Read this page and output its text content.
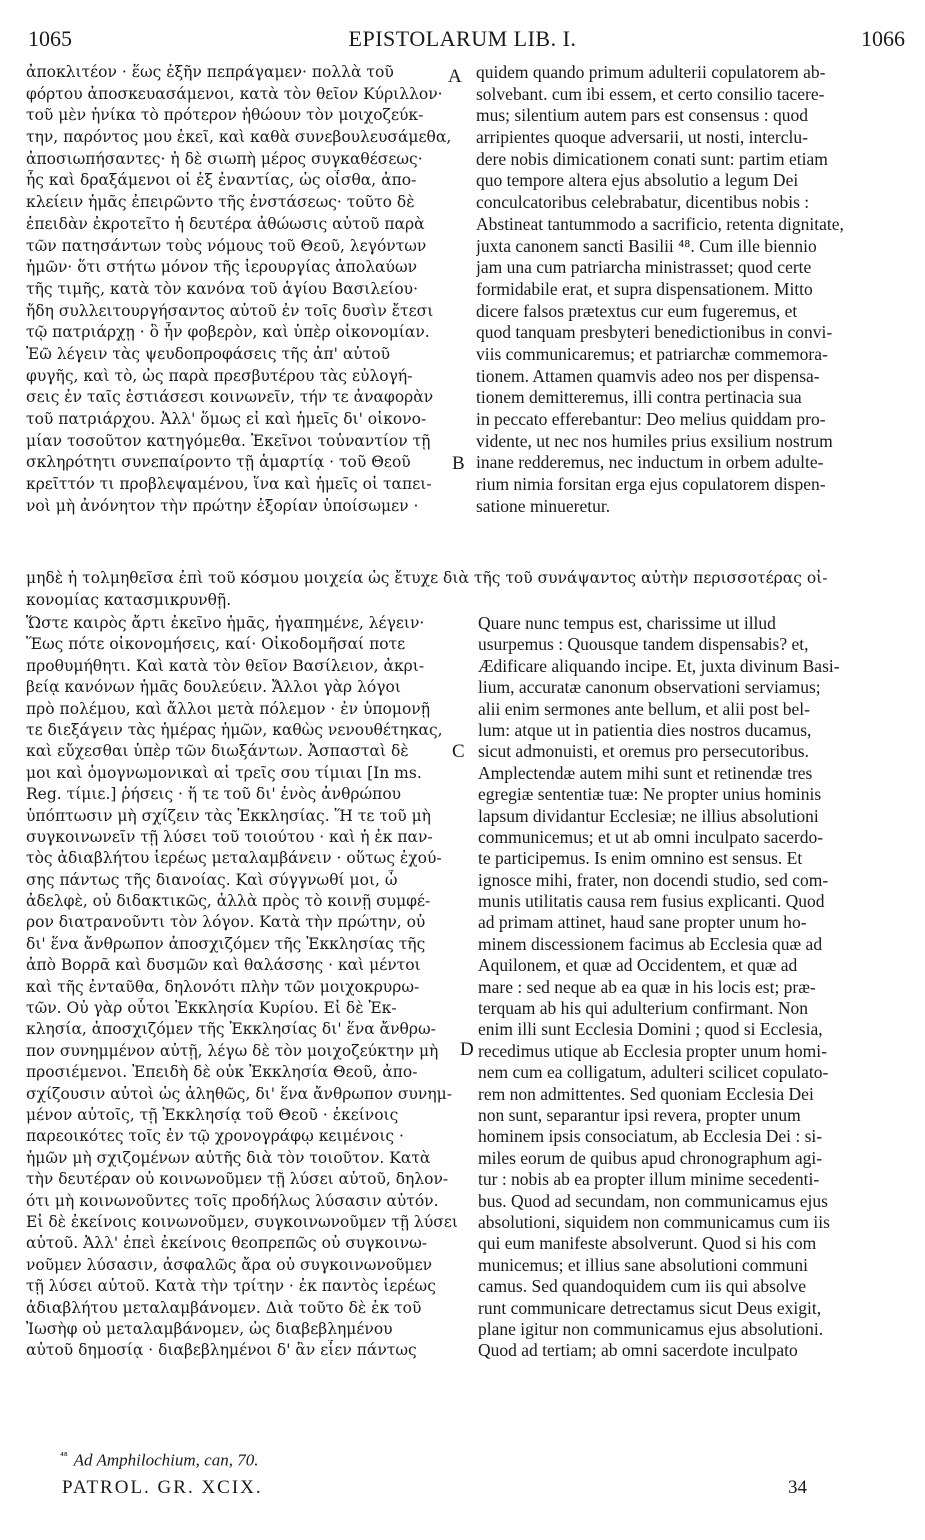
1065	EPISTOLARUM LIB. I.	1066

ἀποκλιτέον · ἕως ἐξῆν πεπράγαμεν· πολλὰ τοῦ

φόρτου ἀποσκευασάμενοι, κατὰ τὸν θεῖον Κύριλλον·

τοῦ μὲν ἡνίκα τὸ πρότερον ἠθώουν τὸν μοιχοζεύκ-

την, παρόντος μου ἐκεῖ, καὶ καθὰ συνεβουλευσάμεθα,

ἀποσιωπήσαντες· ἡ δὲ σιωπὴ μέρος συγκαθέσεως·

ἧς καὶ δραξάμενοι οἱ ἐξ ἐναντίας, ὡς οἶσθα, ἀπο-

κλείειν ἡμᾶς ἐπειρῶντο τῆς ἐνστάσεως· τοῦτο δὲ

ἐπειδὰν ἐκροτεῖτο ἡ δευτέρα ἀθώωσις αὐτοῦ παρὰ

τῶν πατησάντων τοὺς νόμους τοῦ Θεοῦ, λεγόντων

ἡμῶν· ὅτι στήτω μόνον τῆς ἱερουργίας ἀπολαύων

τῆς τιμῆς, κατὰ τὸν κανόνα τοῦ ἁγίου Βασιλείου·

ἤδη συλλειτουργήσαντος αὐτοῦ ἐν τοῖς δυσὶν ἔτεσι

τῷ πατριάρχῃ · ὃ ἦν φοβερὸν, καὶ ὑπὲρ οἰκονομίαν.

Ἐῶ λέγειν τὰς ψευδοπροφάσεις τῆς ἀπ' αὐτοῦ

φυγῆς, καὶ τὸ, ὡς παρὰ πρεσβυτέρου τὰς εὐλογή-

σεις ἐν ταῖς ἑστιάσεσι κοινωνεῖν, τήν τε ἀναφορὰν

τοῦ πατριάρχου. Ἀλλ' ὅμως εἰ καὶ ἡμεῖς δι' οἰκονο-

μίαν τοσοῦτον κατηγόμεθα. Ἐκεῖνοι τοὐναντίον τῇ

σκληρότητι συνεπαίροντο τῇ ἁμαρτίᾳ · τοῦ Θεοῦ

κρεῖττόν τι προβλεψαμένου, ἵνα καὶ ἡμεῖς οἱ ταπει-

νοὶ μὴ ἀνόνητον τὴν πρώτην ἐξορίαν ὑποίσωμεν ·

quidem quando primum adulterii copulatorem ab-

solvebant. cum ibi essem, et certo consilio tacere-

mus; silentium autem pars est consensus : quod

arripientes quoque adversarii, ut nosti, interclu-

dere nobis dimicationem conati sunt: partim etiam

quo tempore altera ejus absolutio a legum Dei

conculcatoribus celebrabatur, dicentibus nobis :

Abstineat tantummodo a sacrificio, retenta dignitate,

juxta canonem sancti Basilii ⁴⁸. Cum ille biennio

jam una cum patriarcha ministrasset; quod certe

formidabile erat, et supra dispensationem. Mitto

dicere falsos prætextus cur eum fugeremus, et

quod tanquam presbyteri benedictionibus in convi-

viis communicaremus; et patriarchæ commemora-

tionem. Attamen quamvis adeo nos per dispensa-

tionem demitteremus, illi contra pertinacia sua

in peccato efferebantur: Deo melius quiddam pro-

vidente, ut nec nos humiles prius exsilium nostrum

inane redderemus, nec inductum in orbem adulte-

rium nimia forsitan erga ejus copulatorem dispen-

satione minueretur.

μηδὲ ἡ τολμηθεῖσα ἐπὶ τοῦ κόσμου μοιχεία ὡς ἔτυχε διὰ τῆς τοῦ συνάψαντος αὐτὴν περισσοτέρας οἰ-

κονομίας κατασμικρυνθῇ.

Ὥστε καιρὸς ἄρτι ἐκεῖνο ἡμᾶς, ἠγαπημένε, λέγειν·

Ἕως πότε οἰκονομήσεις, καί· Οἰκοδομῆσαί ποτε

προθυμήθητι. Καὶ κατὰ τὸν θεῖον Βασίλειον, ἀκρι-

βείᾳ κανόνων ἡμᾶς δουλεύειν. Ἄλλοι γὰρ λόγοι

πρὸ πολέμου, καὶ ἄλλοι μετὰ πόλεμον · ἐν ὑπομονῇ

τε διεξάγειν τὰς ἡμέρας ἡμῶν, καθὼς νενουθέτηκας,

καὶ εὔχεσθαι ὑπὲρ τῶν διωξάντων. Ἀσπασταὶ δὲ

μοι καὶ ὁμογνωμονικαὶ αἱ τρεῖς σου τίμιαι [In ms.

Reg. τίμιε.] ῥήσεις · ἥ τε τοῦ δι' ἑνὸς ἀνθρώπου

ὑπόπτωσιν μὴ σχίζειν τὰς Ἐκκλησίας. Ἥ τε τοῦ μὴ

συγκοινωνεῖν τῇ λύσει τοῦ τοιούτου · καὶ ἡ ἐκ παν-

τὸς ἀδιαβλήτου ἱερέως μεταλαμβάνειν · οὕτως ἐχού-

σης πάντως τῆς διανοίας. Καὶ σύγγνωθί μοι, ὦ

ἀδελφὲ, οὐ διδακτικῶς, ἀλλὰ πρὸς τὸ κοινῇ συμφέ-

ρον διατρανοῦντι τὸν λόγον. Κατὰ τὴν πρώτην, οὐ

δι' ἕνα ἄνθρωπον ἀποσχιζόμεν τῆς Ἐκκλησίας τῆς

ἀπὸ Βορρᾶ καὶ δυσμῶν καὶ θαλάσσης · καὶ μέντοι

καὶ τῆς ἐνταῦθα, δηλονότι πλὴν τῶν μοιχοκρυρω-

τῶν. Οὐ γὰρ οὗτοι Ἐκκλησία Κυρίου. Εἰ δὲ Ἐκ-

κλησία, ἀποσχιζόμεν τῆς Ἐκκλησίας δι' ἕνα ἄνθρω-

πον συνημμένον αὐτῇ, λέγω δὲ τὸν μοιχοζεύκτην μὴ

προσιέμενοι. Ἐπειδὴ δὲ οὐκ Ἐκκλησία Θεοῦ, ἀπο-

σχίζουσιν αὐτοὶ ὡς ἀληθῶς, δι' ἕνα ἄνθρωπον συνημ-

μένον αὐτοῖς, τῇ Ἐκκλησίᾳ τοῦ Θεοῦ · ἐκείνοις

παρεοικότες τοῖς ἐν τῷ χρονογράφῳ κειμένοις ·

ἡμῶν μὴ σχιζομένων αὐτῆς διὰ τὸν τοιοῦτον. Κατὰ

τὴν δευτέραν οὐ κοινωνοῦμεν τῇ λύσει αὐτοῦ, δηλον-

ότι μὴ κοινωνοῦντες τοῖς προδήλως λύσασιν αὐτόν.

Εἰ δὲ ἐκείνοις κοινωνοῦμεν, συγκοινωνοῦμεν τῇ λύσει

αὐτοῦ. Ἀλλ' ἐπεὶ ἐκείνοις θεοπρεπῶς οὐ συγκοινω-

νοῦμεν λύσασιν, ἀσφαλῶς ἄρα οὐ συγκοινωνοῦμεν

τῇ λύσει αὐτοῦ. Κατὰ τὴν τρίτην · ἐκ παντὸς ἱερέως

ἀδιαβλήτου μεταλαμβάνομεν. Διὰ τοῦτο δὲ ἐκ τοῦ

Ἰωσὴφ οὐ μεταλαμβάνομεν, ὡς διαβεβλημένου

αὐτοῦ δημοσίᾳ · διαβεβλημένοι δ' ἂν εἶεν πάντως

Quare nunc tempus est, charissime ut illud

usurpemus : Quousque tandem dispensabis? et,

Ædificare aliquando incipe. Et, juxta divinum Basi-

lium, accuratæ canonum observationi serviamus;

alii enim sermones ante bellum, et alii post bel-

lum: atque ut in patientia dies nostros ducamus,

sicut admonuisti, et oremus pro persecutoribus.

Amplectendæ autem mihi sunt et retinendæ tres

egregiæ sententiæ tuæ: Ne propter unius hominis

lapsum dividantur Ecclesiæ; ne illius absolutioni

communicemus; et ut ab omni inculpato sacerdo-

te participemus. Is enim omnino est sensus. Et

ignosce mihi, frater, non docendi studio, sed com-

munis utilitatis causa rem fusius explicanti. Quod

ad primam attinet, haud sane propter unum ho-

minem discessionem facimus ab Ecclesia quæ ad

Aquilonem, et quæ ad Occidentem, et quæ ad

mare : sed neque ab ea quæ in his locis est; præ-

terquam ab his qui adulterium confirmant. Non

enim illi sunt Ecclesia Domini ; quod si Ecclesia,

recedimus utique ab Ecclesia propter unum homi-

nem cum ea colligatum, adulteri scilicet copulato-

rem non admittentes. Sed quoniam Ecclesia Dei

non sunt, separantur ipsi revera, propter unum

hominem ipsis consociatum, ab Ecclesia Dei : si-

miles eorum de quibus apud chronographum agi-

tur : nobis ab ea propter illum minime secedenti-

bus. Quod ad secundam, non communicamus ejus

absolutioni, siquidem non communicamus cum iis

qui eum manifeste absolverunt. Quod si his com

municemus; et illius sane absolutioni communi

camus. Sed quandoquidem cum iis qui absolve

runt communicare detrectamus sicut Deus exigit,

plane igitur non communicamus ejus absolutioni.

Quod ad tertiam; ab omni sacerdote inculpato

A
B
C
D
$^{^{48}}$ Ad Amphilochium, can, 70.
PATROL. GR. XCIX.	34
